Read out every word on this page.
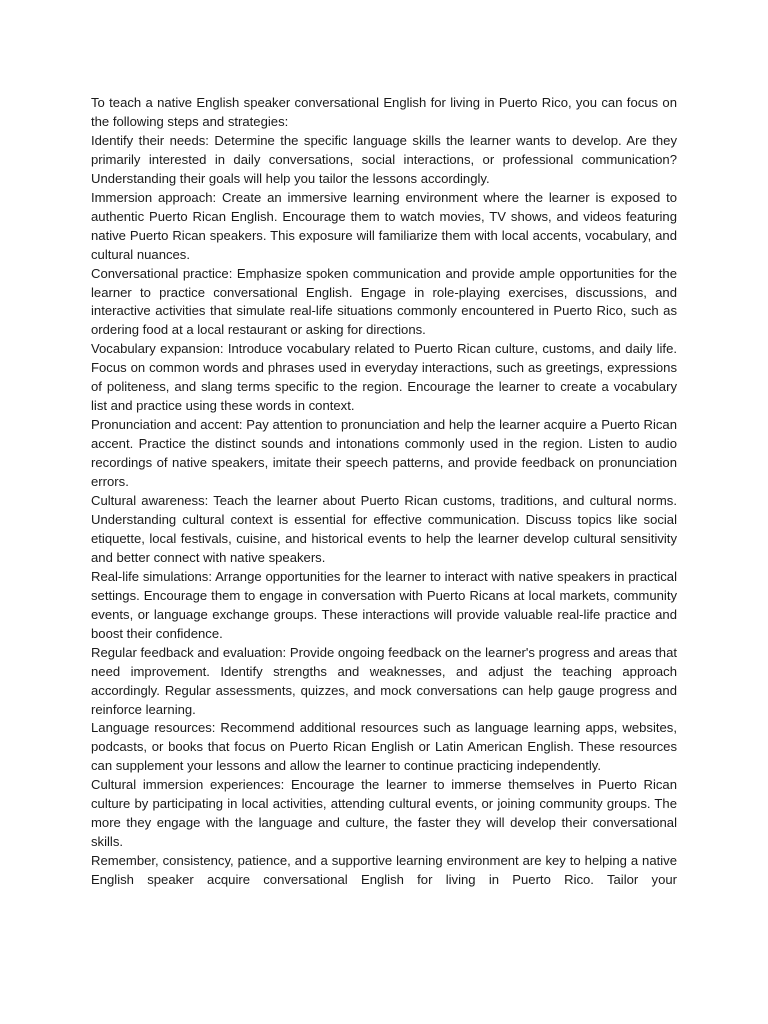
To teach a native English speaker conversational English for living in Puerto Rico, you can focus on the following steps and strategies:

Identify their needs: Determine the specific language skills the learner wants to develop. Are they primarily interested in daily conversations, social interactions, or professional communication? Understanding their goals will help you tailor the lessons accordingly.

Immersion approach: Create an immersive learning environment where the learner is exposed to authentic Puerto Rican English. Encourage them to watch movies, TV shows, and videos featuring native Puerto Rican speakers. This exposure will familiarize them with local accents, vocabulary, and cultural nuances.

Conversational practice: Emphasize spoken communication and provide ample opportunities for the learner to practice conversational English. Engage in role-playing exercises, discussions, and interactive activities that simulate real-life situations commonly encountered in Puerto Rico, such as ordering food at a local restaurant or asking for directions.

Vocabulary expansion: Introduce vocabulary related to Puerto Rican culture, customs, and daily life. Focus on common words and phrases used in everyday interactions, such as greetings, expressions of politeness, and slang terms specific to the region. Encourage the learner to create a vocabulary list and practice using these words in context.

Pronunciation and accent: Pay attention to pronunciation and help the learner acquire a Puerto Rican accent. Practice the distinct sounds and intonations commonly used in the region. Listen to audio recordings of native speakers, imitate their speech patterns, and provide feedback on pronunciation errors.

Cultural awareness: Teach the learner about Puerto Rican customs, traditions, and cultural norms. Understanding cultural context is essential for effective communication. Discuss topics like social etiquette, local festivals, cuisine, and historical events to help the learner develop cultural sensitivity and better connect with native speakers.

Real-life simulations: Arrange opportunities for the learner to interact with native speakers in practical settings. Encourage them to engage in conversation with Puerto Ricans at local markets, community events, or language exchange groups. These interactions will provide valuable real-life practice and boost their confidence.

Regular feedback and evaluation: Provide ongoing feedback on the learner's progress and areas that need improvement. Identify strengths and weaknesses, and adjust the teaching approach accordingly. Regular assessments, quizzes, and mock conversations can help gauge progress and reinforce learning.

Language resources: Recommend additional resources such as language learning apps, websites, podcasts, or books that focus on Puerto Rican English or Latin American English. These resources can supplement your lessons and allow the learner to continue practicing independently.

Cultural immersion experiences: Encourage the learner to immerse themselves in Puerto Rican culture by participating in local activities, attending cultural events, or joining community groups. The more they engage with the language and culture, the faster they will develop their conversational skills.

Remember, consistency, patience, and a supportive learning environment are key to helping a native English speaker acquire conversational English for living in Puerto Rico. Tailor your
